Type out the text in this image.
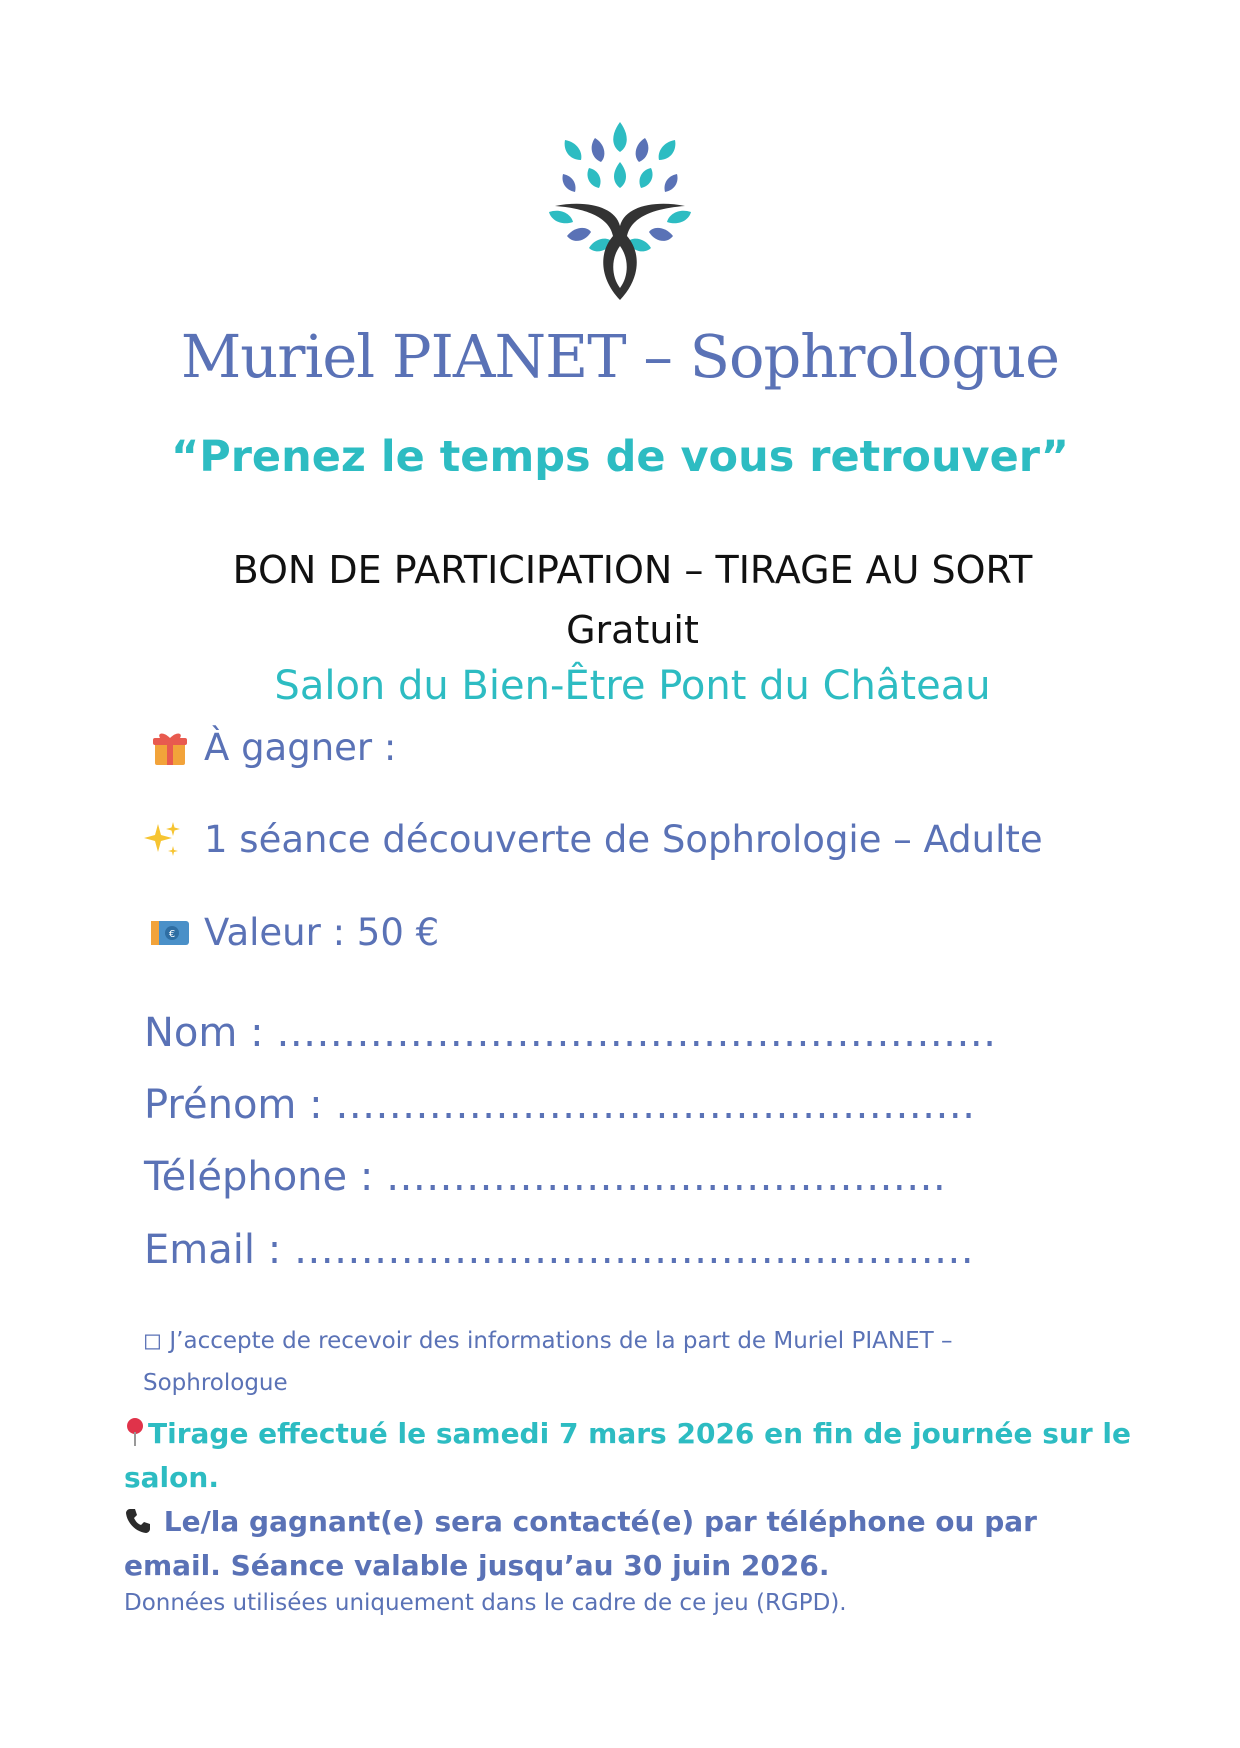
Muriel PIANET – Sophrologue
“Prenez le temps de vous retrouver”
BON DE PARTICIPATION – TIRAGE AU SORT
Gratuit
Salon du Bien-Être Pont du Château
À gagner :
1 séance découverte de Sophrologie – Adulte
€ Valeur : 50 €
Nom : ………………………………………………
Prénom : …………………………………………
Téléphone : ……………………………………
Email : ……………………………………………
◻ J’accepte de recevoir des informations de la part de Muriel PIANET – Sophrologue
Tirage effectué le samedi 7 mars 2026 en fin de journée sur le salon.
Le/la gagnant(e) sera contacté(e) par téléphone ou par email. Séance valable jusqu’au 30 juin 2026.
Données utilisées uniquement dans le cadre de ce jeu (RGPD).
